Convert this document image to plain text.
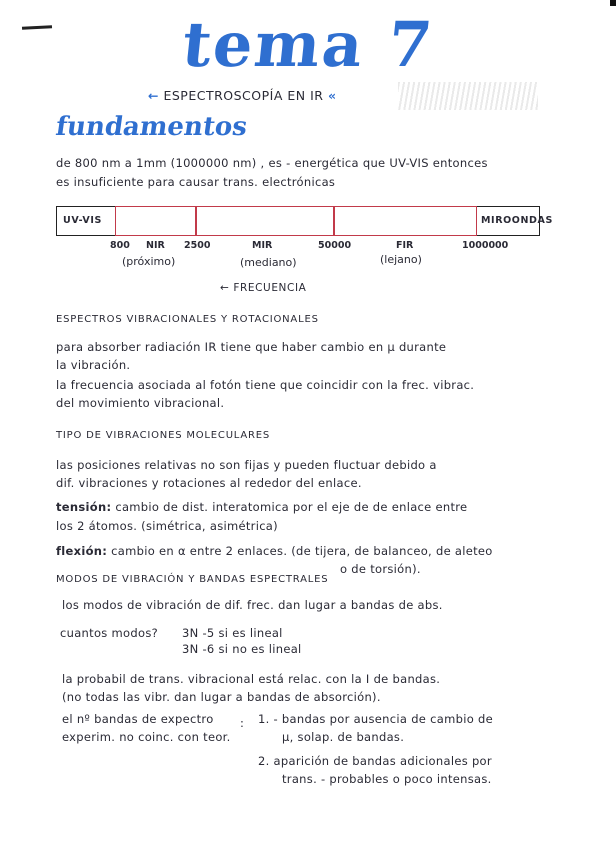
tema 7
← ESPECTROSCOPÍA EN IR «
fundamentos
de 800 nm a 1mm (1000000 nm) , es - energética que UV-VIS entonces
es insuficiente para causar trans. electrónicas
UV-VIS	MIROONDAS
800 NIR 2500	MIR	50000	FIR	1000000
(próximo)	(mediano)	(lejano)
← FRECUENCIA
ESPECTROS VIBRACIONALES Y ROTACIONALES
para absorber radiación IR tiene que haber cambio en μ durante
la vibración.
la frecuencia asociada al fotón tiene que coincidir con la frec. vibrac.
del movimiento vibracional.
TIPO DE VIBRACIONES MOLECULARES
las posiciones relativas no son fijas y pueden fluctuar debido a
dif. vibraciones y rotaciones al rededor del enlace.
tensión: cambio de dist. interatomica por el eje de de enlace entre
los 2 átomos. (simétrica, asimétrica)
flexión: cambio en α entre 2 enlaces. (de tijera, de balanceo, de aleteo
o de torsión).
MODOS DE VIBRACIÓN Y BANDAS ESPECTRALES
los modos de vibración de dif. frec. dan lugar a bandas de abs.
cuantos modos? 3N -5 si es lineal
3N -6 si no es lineal
la probabil de trans. vibracional está relac. con la I de bandas.
(no todas las vibr. dan lugar a bandas de absorción).
el nº bandas de expectro
experim. no coinc. con teor.
: 1. - bandas por ausencia de cambio de
μ, solap. de bandas.
2. aparición de bandas adicionales por
trans. - probables o poco intensas.
